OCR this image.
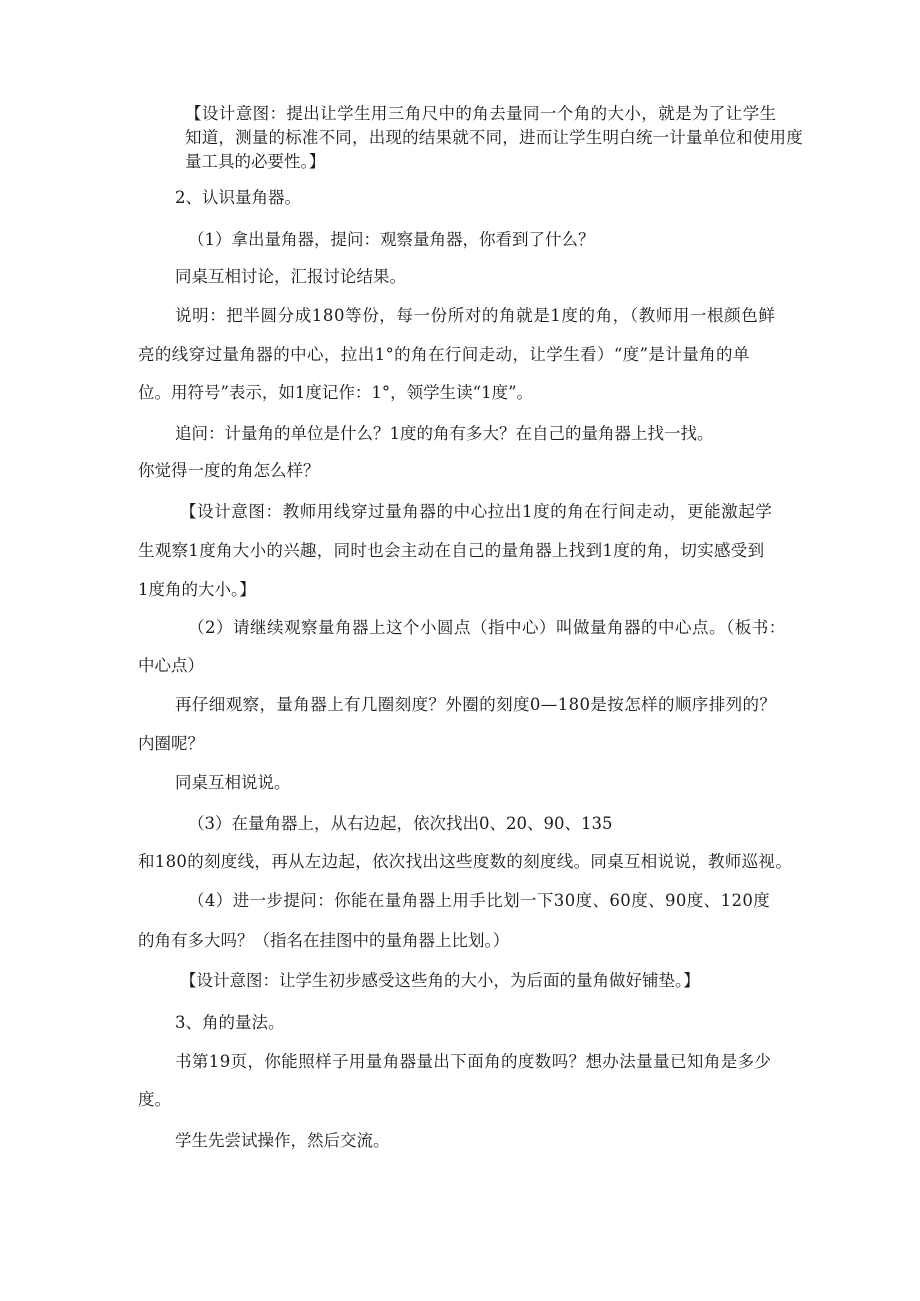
【设计意图：提出让学生用三角尺中的角去量同一个角的大小，就是为了让学生
知道，测量的标准不同，出现的结果就不同，进而让学生明白统一计量单位和使用度
量工具的必要性。】
2、认识量角器。
（1）拿出量角器，提问：观察量角器，你看到了什么？
同桌互相讨论，汇报讨论结果。
说明：把半圆分成180等份，每一份所对的角就是1度的角，（教师用一根颜色鲜
亮的线穿过量角器的中心，拉出1°的角在行间走动，让学生看）“度”是计量角的单
位。用符号”表示，如1度记作：1°，领学生读“1度”。
追问：计量角的单位是什么？1度的角有多大？在自己的量角器上找一找。
你觉得一度的角怎么样？
【设计意图：教师用线穿过量角器的中心拉出1度的角在行间走动，更能激起学
生观察1度角大小的兴趣，同时也会主动在自己的量角器上找到1度的角，切实感受到
1度角的大小。】
（2）请继续观察量角器上这个小圆点（指中心）叫做量角器的中心点。（板书：
中心点）
再仔细观察，量角器上有几圈刻度？外圈的刻度0—180是按怎样的顺序排列的？
内圈呢？
同桌互相说说。
（3）在量角器上，从右边起，依次找出0、20、90、135
和180的刻度线，再从左边起，依次找出这些度数的刻度线。同桌互相说说，教师巡视。
（4）进一步提问：你能在量角器上用手比划一下30度、60度、90度、120度
的角有多大吗？（指名在挂图中的量角器上比划。）
【设计意图：让学生初步感受这些角的大小，为后面的量角做好铺垫。】
3、角的量法。
书第19页，你能照样子用量角器量出下面角的度数吗？想办法量量已知角是多少
度。
学生先尝试操作，然后交流。
